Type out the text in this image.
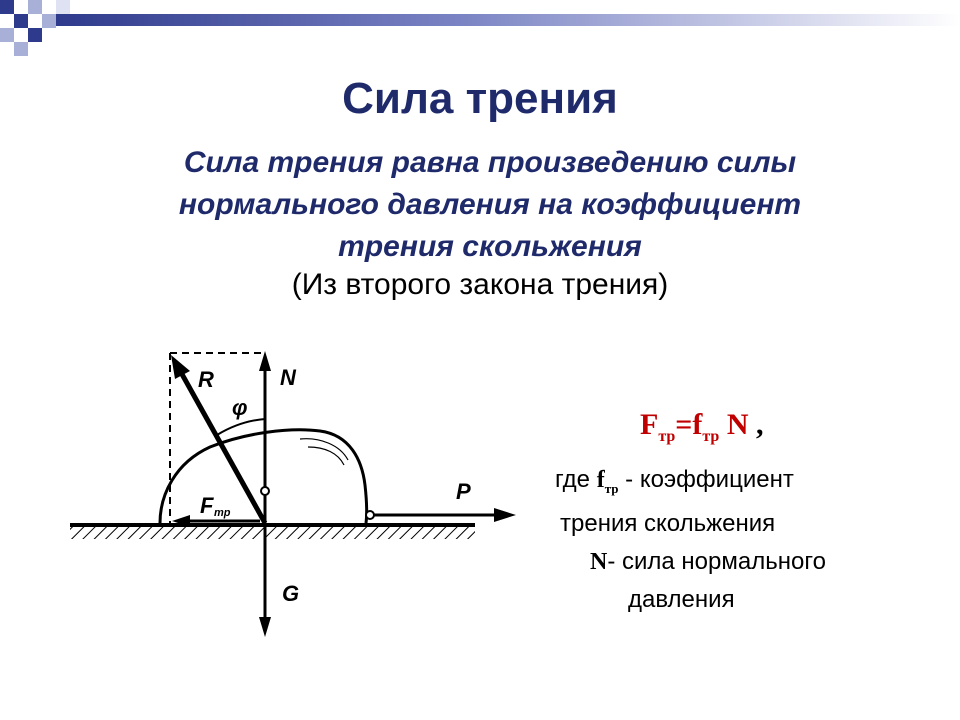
Сила трения
Сила трения равна произведению силы
нормального давления на коэффициент
трения скольжения
(Из второго закона трения)
R	N
φ
F тр
P
G
$F_{тр}=f_{тр}$ N ,
где $f_{тр}$ - коэффициент
трения скольжения
N- сила нормального
давления
